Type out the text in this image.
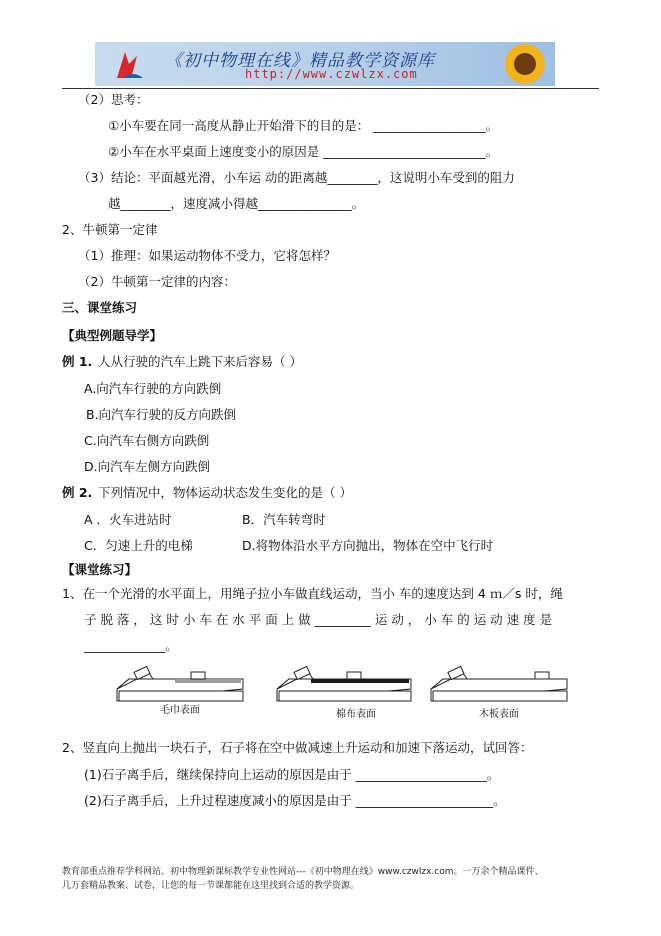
《初中物理在线》精品教学资源库
http://www.czwlzx.com
（2）思考：
①小车要在同一高度从静止开始滑下的目的是： __________________。
②小车在水平桌面上速度变小的原因是 __________________________。
（3）结论：平面越光滑，小车运 动的距离越________，这说明小车受到的阻力
越________，速度减小得越_______________。
2、牛顿第一定律
（1）推理：如果运动物体不受力，它将怎样？
（2）牛顿第一定律的内容：
三、课堂练习
【典型例题导学】
例 1. 人从行驶的汽车上跳下来后容易（ ）
A.向汽车行驶的方向跌倒
B.向汽车行驶的反方向跌倒
C.向汽车右侧方向跌倒
D.向汽车左侧方向跌倒
例 2. 下列情况中，物体运动状态发生变化的是（ ）
A ．火车进站时	B．汽车转弯时
C．匀速上升的电梯	D.将物体沿水平方向抛出，物体在空中飞行时
【课堂练习】
1、在一个光滑的水平面上，用绳子拉小车做直线运动，当小 车的速度达到 4 ｍ／s 时，绳
子 脱 落 ， 这 时 小 车 在 水 平 面 上 做 _________ 运 动 ， 小 车 的 运 动 速 度 是
_____________。
毛巾表面	棉布表面	木板表面
2、竖直向上抛出一块石子，石子将在空中做减速上升运动和加速下落运动，试回答：
(1)石子离手后，继续保持向上运动的原因是由于 _____________________。
(2)石子离手后，上升过程速度减小的原因是由于 ______________________。
教育部重点推荐学科网站、初中物理新课标教学专业性网站---《初中物理在线》www.czwlzx.com。一万余个精品课件、
几万套精品教案、试卷，让您的每一节课都能在这里找到合适的教学资源。
